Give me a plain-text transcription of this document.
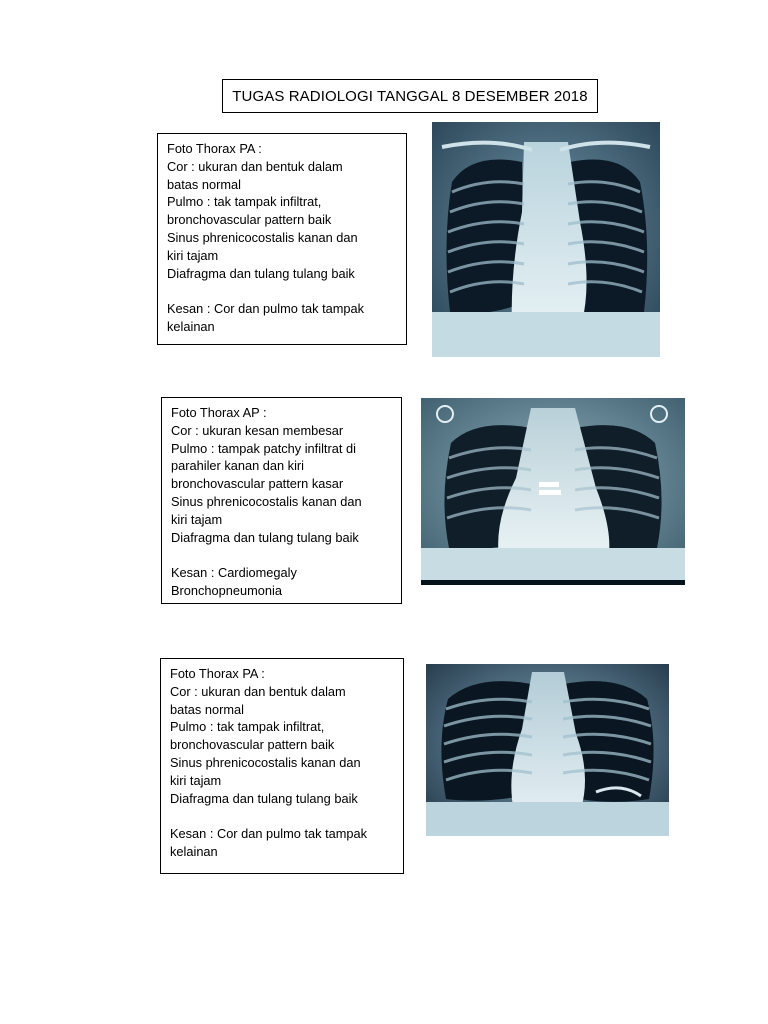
TUGAS RADIOLOGI TANGGAL 8 DESEMBER 2018
Foto Thorax PA :
Cor : ukuran dan bentuk dalam
batas normal
Pulmo : tak tampak infiltrat,
bronchovascular pattern baik
Sinus phrenicocostalis kanan dan
kiri tajam
Diafragma dan tulang tulang baik
Kesan : Cor dan pulmo tak tampak
kelainan
Foto Thorax AP :
Cor : ukuran kesan membesar
Pulmo : tampak patchy infiltrat di
parahiler kanan dan kiri
bronchovascular pattern kasar
Sinus phrenicocostalis kanan dan
kiri tajam
Diafragma dan tulang tulang baik
Kesan : Cardiomegaly
Bronchopneumonia
Foto Thorax PA :
Cor : ukuran dan bentuk dalam
batas normal
Pulmo : tak tampak infiltrat,
bronchovascular pattern baik
Sinus phrenicocostalis kanan dan
kiri tajam
Diafragma dan tulang tulang baik
Kesan : Cor dan pulmo tak tampak
kelainan
